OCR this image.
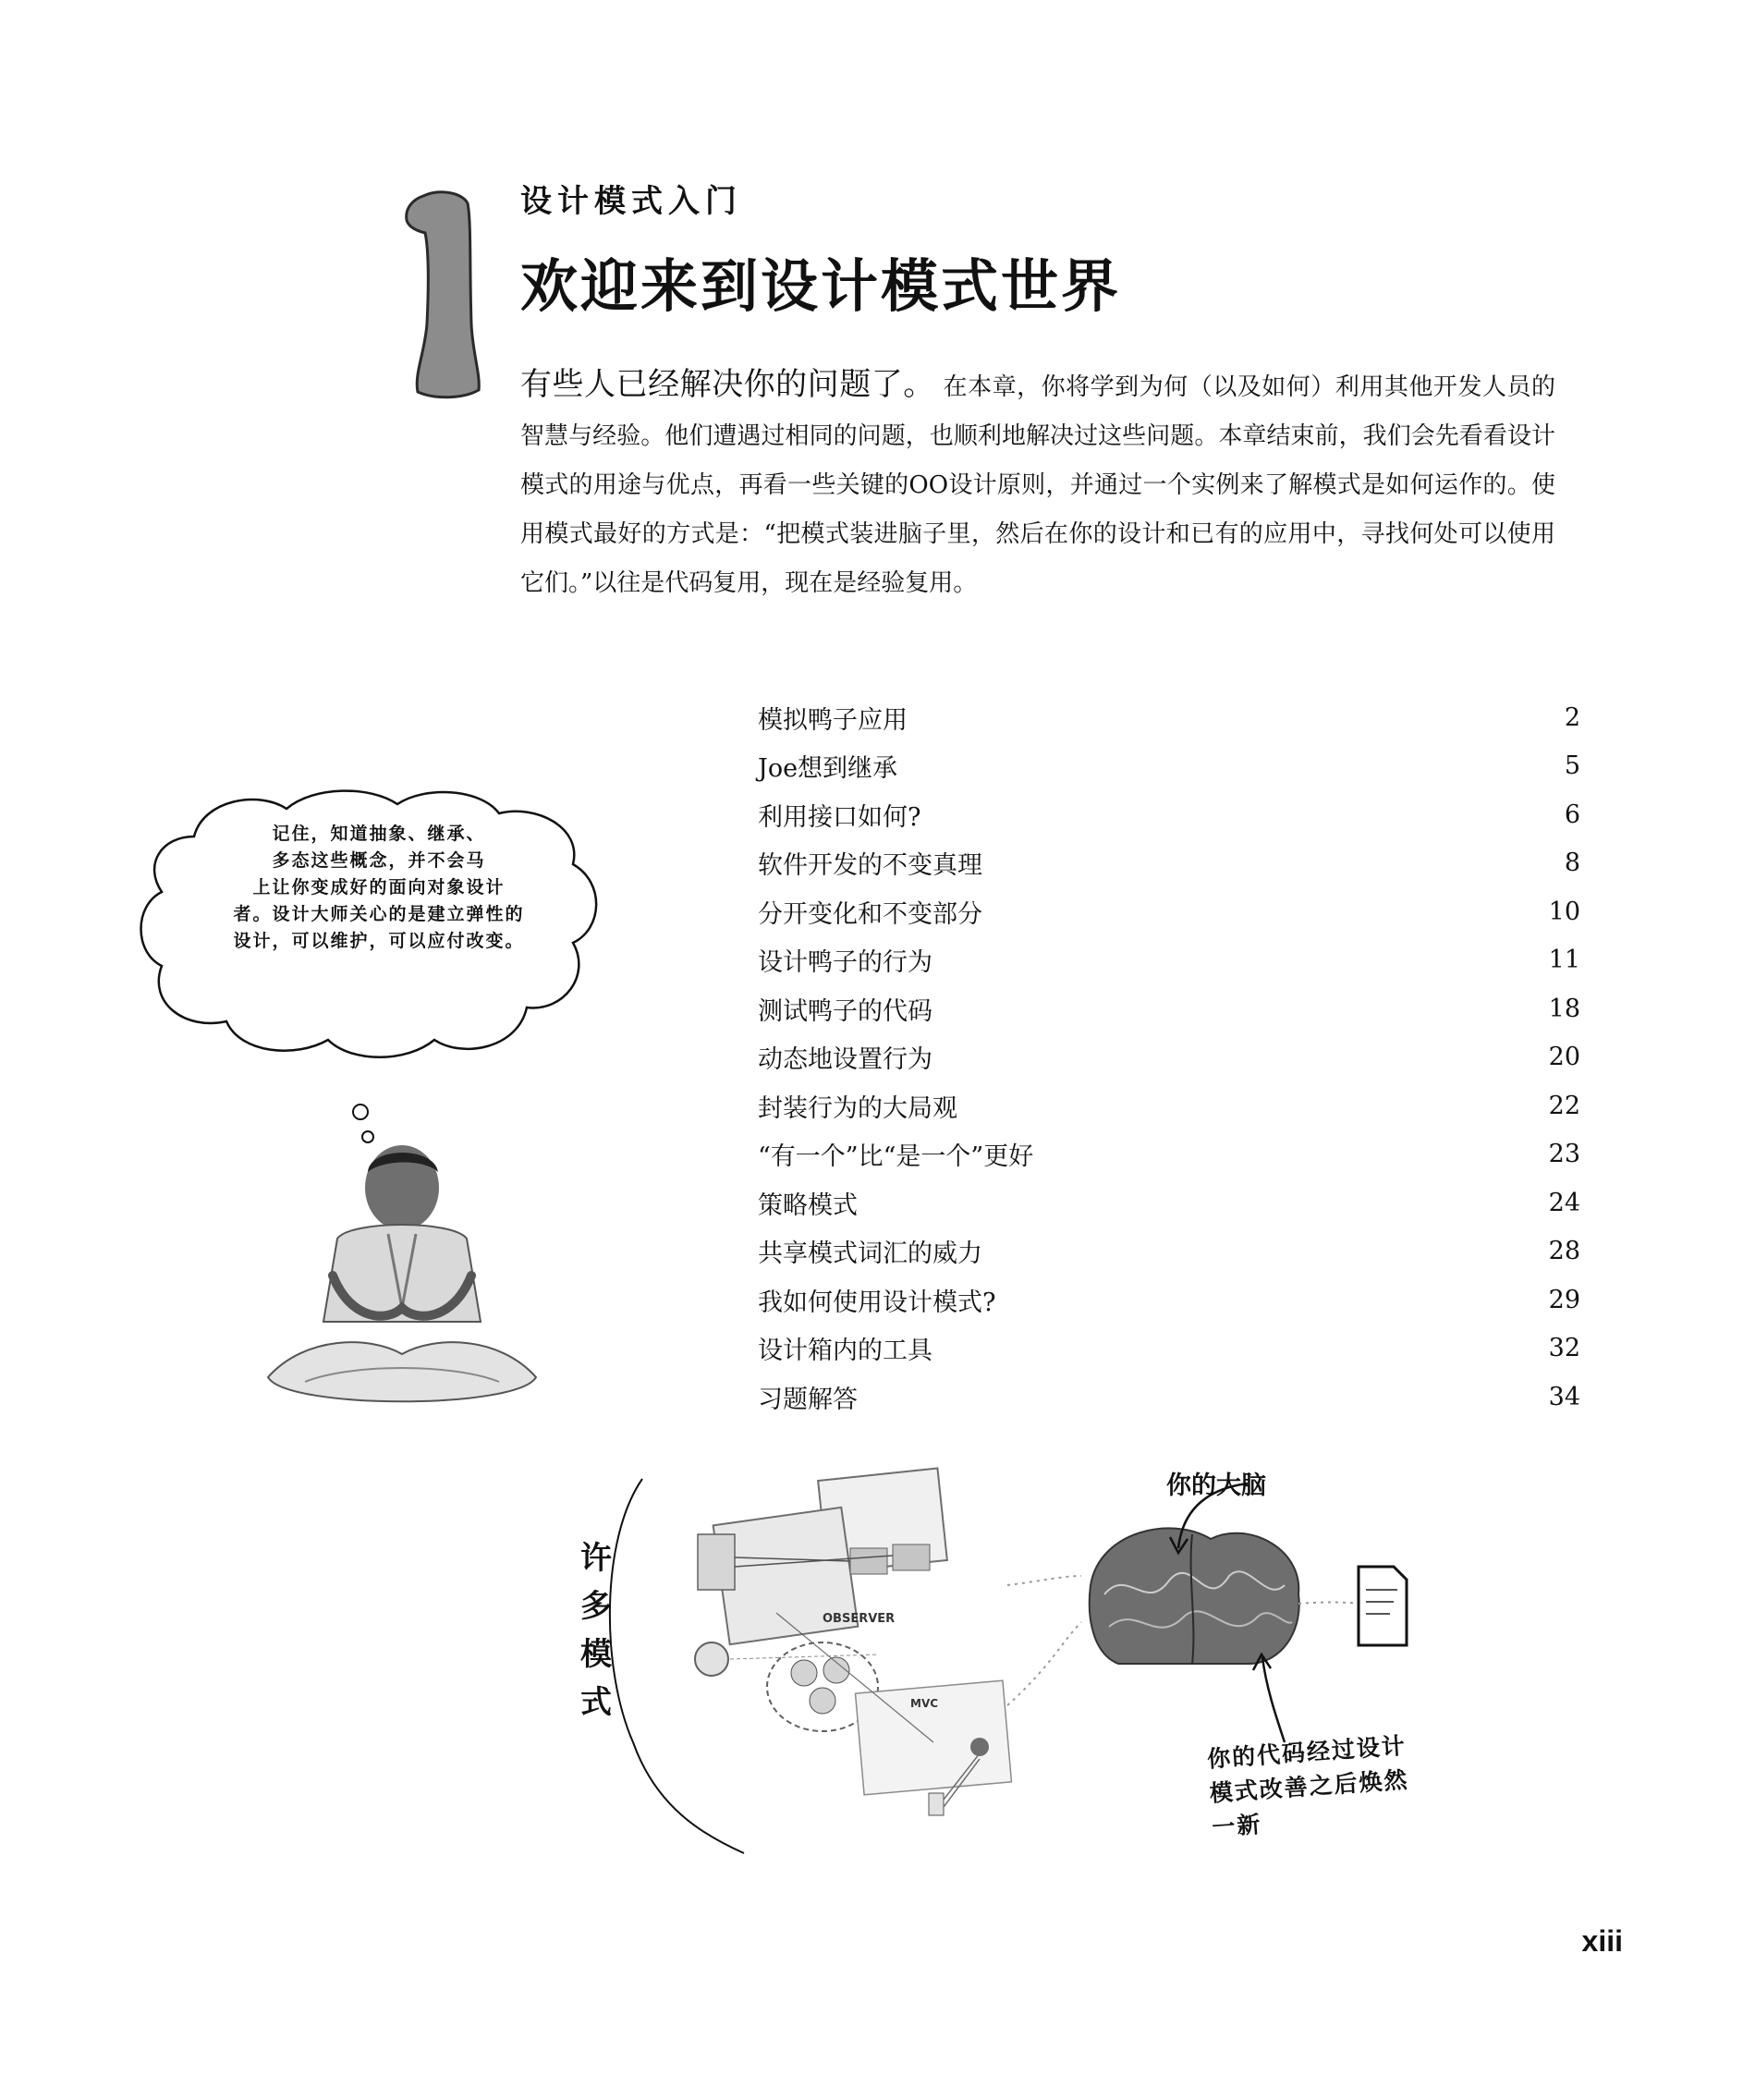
设计模式入门
欢迎来到设计模式世界
有些人已经解决你的问题了。 在本章，你将学到为何（以及如何）利用其他开发人员的智慧与经验。他们遭遇过相同的问题，也顺利地解决过这些问题。本章结束前，我们会先看看设计模式的用途与优点，再看一些关键的OO设计原则，并通过一个实例来了解模式是如何运作的。使用模式最好的方式是：“把模式装进脑子里，然后在你的设计和已有的应用中，寻找何处可以使用它们。”以往是代码复用，现在是经验复用。
模拟鸭子应用	2
Joe想到继承	5
利用接口如何?	6
软件开发的不变真理	8
分开变化和不变部分	10
设计鸭子的行为	11
测试鸭子的代码	18
动态地设置行为	20
封装行为的大局观	22
“有一个”比“是一个”更好	23
策略模式	24
共享模式词汇的威力	28
我如何使用设计模式?	29
设计箱内的工具	32
习题解答	34
记住，知道抽象、继承、
多态这些概念，并不会马
上让你变成好的面向对象设计
者。设计大师关心的是建立弹性的
设计，可以维护，可以应付改变。
OBSERVER
MVC
许
多
模
式
你的大脑
你的代码经过设计模式改善之后焕然一新
xiii
